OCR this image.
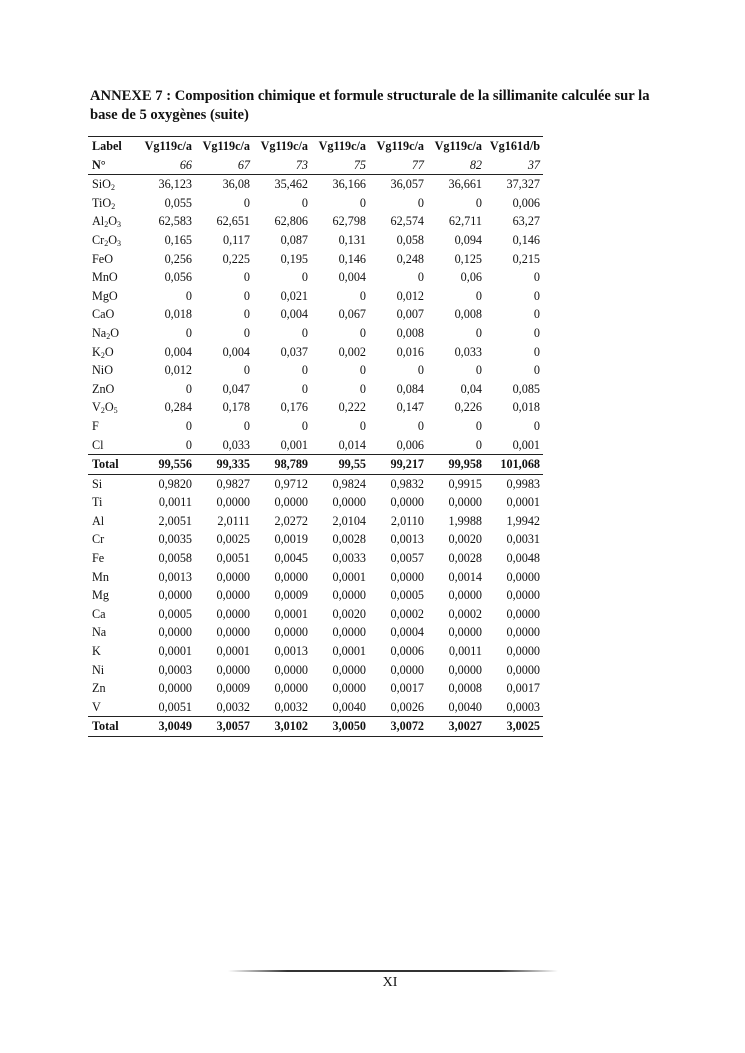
ANNEXE 7 : Composition chimique et formule structurale de la sillimanite calculée sur la base de 5 oxygènes (suite)
Label	Vg119c/a	Vg119c/a	Vg119c/a	Vg119c/a	Vg119c/a	Vg119c/a	Vg161d/b
N°	66	67	73	75	77	82	37
SiO$_2$	36,123	36,08	35,462	36,166	36,057	36,661	37,327
TiO$_2$	0,055	0	0	0	0	0	0,006
$Al_2O_3$	62,583	62,651	62,806	62,798	62,574	62,711	63,27
$Cr_2O_3$	0,165	0,117	0,087	0,131	0,058	0,094	0,146
FeO	0,256	0,225	0,195	0,146	0,248	0,125	0,215
MnO	0,056	0	0	0,004	0	0,06	0
MgO	0	0	0,021	0	0,012	0	0
CaO	0,018	0	0,004	0,067	0,007	0,008	0
$Na_2O$	0	0	0	0	0,008	0	0
$K_2O$	0,004	0,004	0,037	0,002	0,016	0,033	0
NiO	0,012	0	0	0	0	0	0
ZnO	0	0,047	0	0	0,084	0,04	0,085
$V_2O_5$	0,284	0,178	0,176	0,222	0,147	0,226	0,018
F	0	0	0	0	0	0	0
Cl	0	0,033	0,001	0,014	0,006	0	0,001
Total	99,556	99,335	98,789	99,55	99,217	99,958	101,068
Si	0,9820	0,9827	0,9712	0,9824	0,9832	0,9915	0,9983
Ti	0,0011	0,0000	0,0000	0,0000	0,0000	0,0000	0,0001
Al	2,0051	2,0111	2,0272	2,0104	2,0110	1,9988	1,9942
Cr	0,0035	0,0025	0,0019	0,0028	0,0013	0,0020	0,0031
Fe	0,0058	0,0051	0,0045	0,0033	0,0057	0,0028	0,0048
Mn	0,0013	0,0000	0,0000	0,0001	0,0000	0,0014	0,0000
Mg	0,0000	0,0000	0,0009	0,0000	0,0005	0,0000	0,0000
Ca	0,0005	0,0000	0,0001	0,0020	0,0002	0,0002	0,0000
Na	0,0000	0,0000	0,0000	0,0000	0,0004	0,0000	0,0000
K	0,0001	0,0001	0,0013	0,0001	0,0006	0,0011	0,0000
Ni	0,0003	0,0000	0,0000	0,0000	0,0000	0,0000	0,0000
Zn	0,0000	0,0009	0,0000	0,0000	0,0017	0,0008	0,0017
V	0,0051	0,0032	0,0032	0,0040	0,0026	0,0040	0,0003
Total	3,0049	3,0057	3,0102	3,0050	3,0072	3,0027	3,0025
XI
